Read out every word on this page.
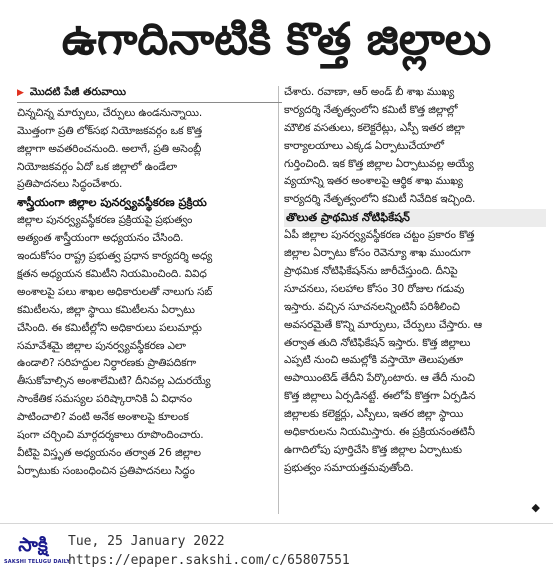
ఉగాదినాటికి కొత్త జిల్లాలు
▶ మొదటి పేజీ తరువాయి
చిన్నచిన్న మార్పులు, చేర్పులు ఉండనున్నాయి.
మొత్తంగా ప్రతి లోక్‌సభ నియోజకవర్గం ఒక కొత్త
జిల్లాగా అవతరించనుంది. అలాగే, ప్రతి అసెంబ్లీ
నియోజకవర్గం ఏదో ఒక జిల్లాలో ఉండేలా
ప్రతిపాదనలు సిద్ధంచేశారు.
శాస్త్రీయంగా జిల్లాల పునర్వ్యవస్థీకరణ ప్రక్రియ
జిల్లాల పునర్వ్యవస్థీకరణ ప్రక్రియపై ప్రభుత్వం
అత్యంత శాస్త్రీయంగా అధ్యయనం చేసింది.
ఇందుకోసం రాష్ట్ర ప్రభుత్వ ప్రధాన కార్యదర్శి అధ్య
క్షతన అధ్యయన కమిటీని నియమించింది. వివిధ
అంశాలపై పలు శాఖల అధికారులతో నాలుగు సబ్
కమిటీలను, జిల్లా స్థాయి కమిటీలను ఏర్పాటు
చేసింది. ఈ కమిటీల్లోని అధికారులు పలుమార్లు
సమావేశమై జిల్లాల పునర్వ్యవస్థీకరణ ఎలా
ఉండాలి? సరిహద్దుల నిర్ధారణకు ప్రాతిపదికగా
తీసుకోవాల్సిన అంశాలేమిటి? దీనివల్ల ఎదురయ్యే
సాంకేతిక సమస్యల పరిష్కారానికి ఏ విధానం
పాటించాలి? వంటి అనేక అంశాలపై కూలంక
షంగా చర్చించి మార్గదర్శకాలు రూపొందించారు.
వీటిపై విస్తృత అధ్యయనం తర్వాత 26 జిల్లాల
ఏర్పాటుకు సంబంధించిన ప్రతిపాదనలు సిద్ధం
చేశారు. రవాణా, ఆర్ అండ్ బీ శాఖ ముఖ్య
కార్యదర్శి నేతృత్వంలోని కమిటీ కొత్త జిల్లాల్లో
మౌలిక వసతులు, కలెక్టరేట్లు, ఎస్పీ ఇతర జిల్లా
కార్యాలయాలు ఎక్కడ ఏర్పాటుచేయాలో
గుర్తించింది. ఇక కొత్త జిల్లాల ఏర్పాటువల్ల అయ్యే
వ్యయాన్ని ఇతర అంశాలపై ఆర్థిక శాఖ ముఖ్య
కార్యదర్శి నేతృత్వంలోని కమిటీ నివేదిక ఇచ్చింది.
తొలుత ప్రాథమిక నోటిఫికేషన్
ఏపీ జిల్లాల పునర్వ్యవస్థీకరణ చట్టం ప్రకారం కొత్త
జిల్లాల ఏర్పాటు కోసం రెవెన్యూ శాఖ ముందుగా
ప్రాథమిక నోటిఫికేషన్‌ను జారీచేస్తుంది. దీనిపై
సూచనలు, సలహాల కోసం 30 రోజుల గడువు
ఇస్తారు. వచ్చిన సూచనలన్నింటినీ పరిశీలించి
అవసరమైతే కొన్ని మార్పులు, చేర్పులు చేస్తారు. ఆ
తర్వాత తుది నోటిఫికేషన్ ఇస్తారు. కొత్త జిల్లాలు
ఎప్పటి నుంచి అమల్లోకి వస్తాయో తెలుపుతూ
అపాయింటెడ్ తేదీని పేర్కొంటారు. ఆ తేదీ నుంచి
కొత్త జిల్లాలు ఏర్పడినట్టే. ఈలోపే కొత్తగా ఏర్పడిన
జిల్లాలకు కలెక్టర్లు, ఎస్పీలు, ఇతర జిల్లా స్థాయి
అధికారులను నియమిస్తారు. ఈ ప్రక్రియనంతటినీ
ఉగాదిలోపు పూర్తిచేసి కొత్త జిల్లాల ఏర్పాటుకు
ప్రభుత్వం సమాయత్తమవుతోంది.
◆
సాక్షి
SAKSHI TELUGU DAILY
Tue, 25 January 2022
https://epaper.sakshi.com/c/65807551
